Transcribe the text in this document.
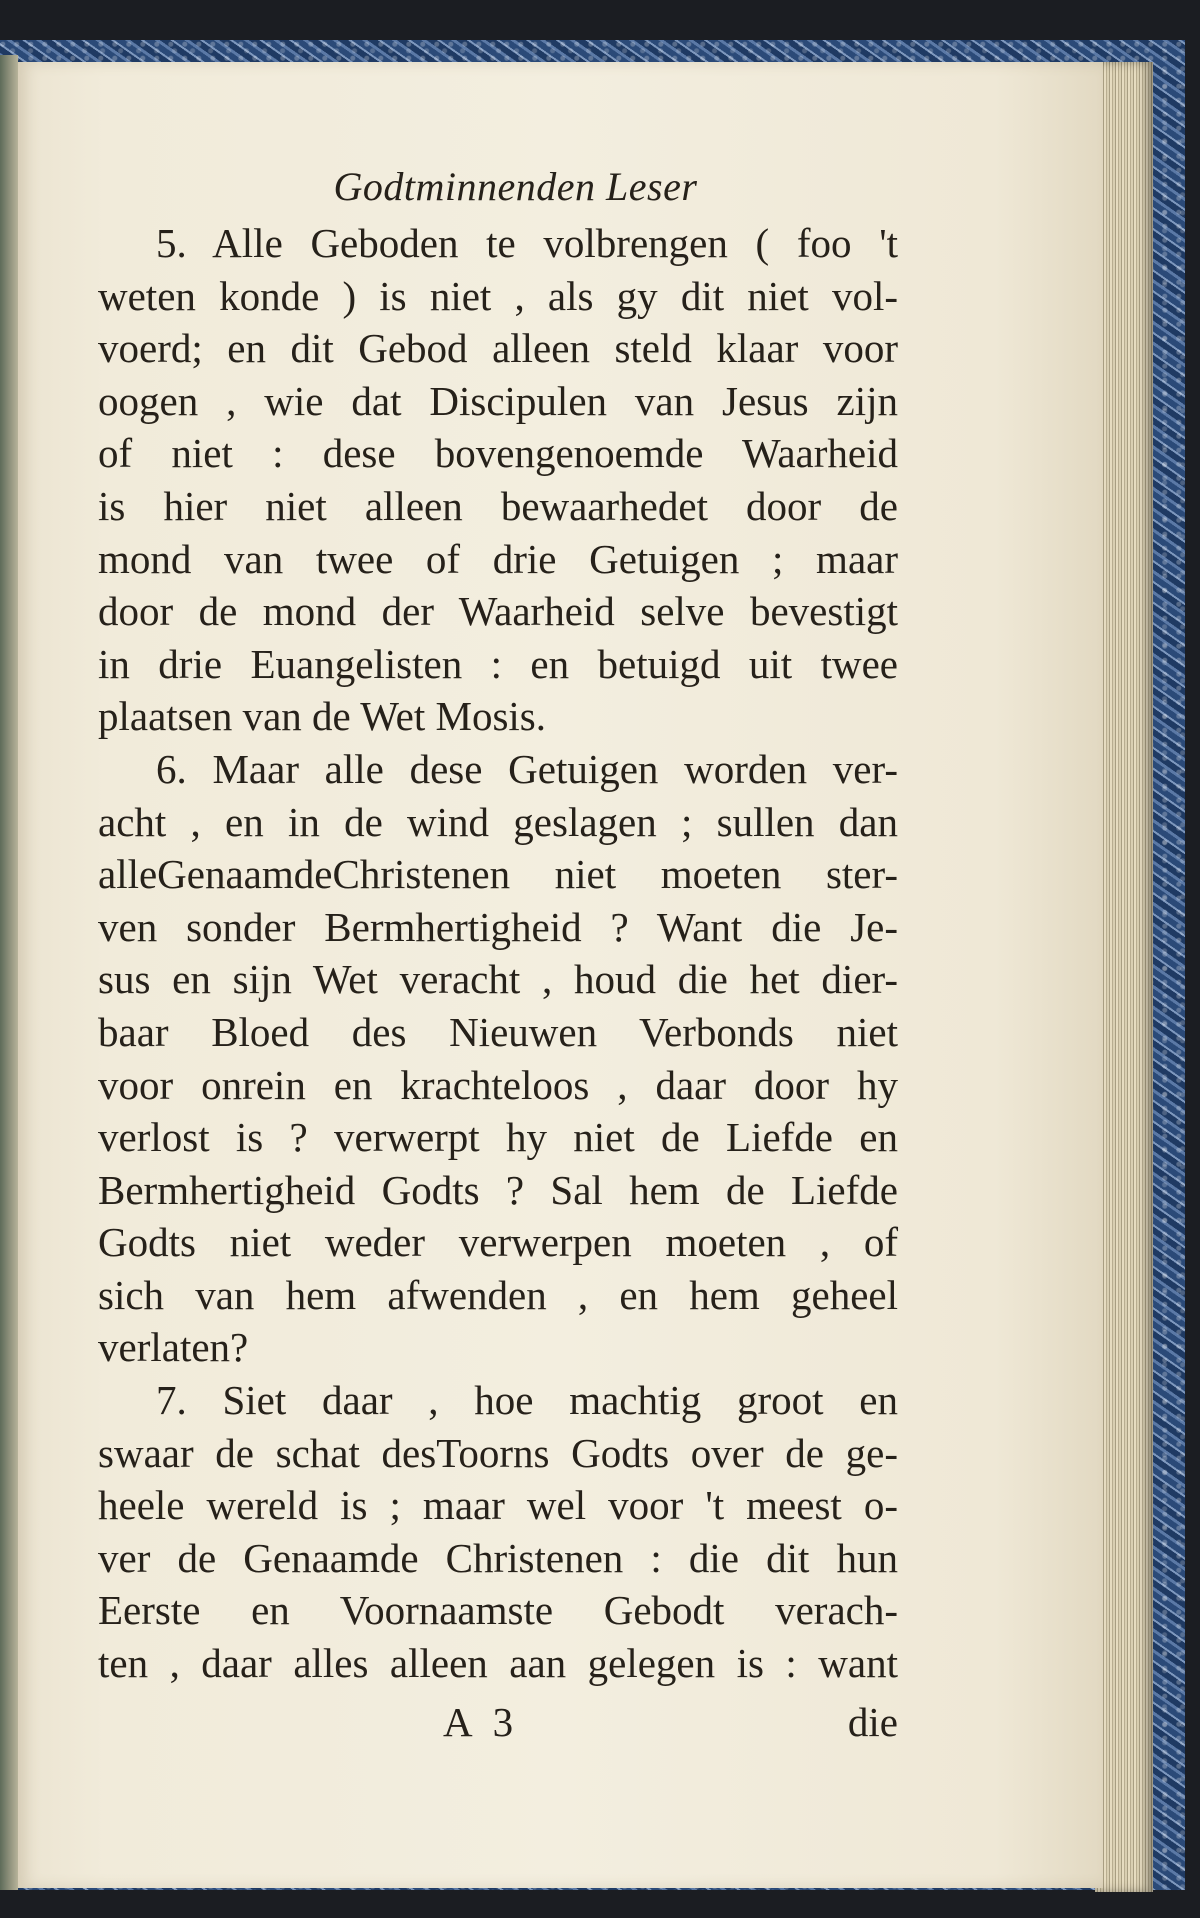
Godtminnenden Leser
5. Alle Geboden te volbrengen ( foo 't
weten konde ) is niet , als gy dit niet vol-
voerd; en dit Gebod alleen steld klaar voor
oogen , wie dat Discipulen van Jesus zijn
of niet : dese bovengenoemde Waarheid
is hier niet alleen bewaarhedet door de
mond van twee of drie Getuigen ; maar
door de mond der Waarheid selve bevestigt
in drie Euangelisten : en betuigd uit twee
plaatsen van de Wet Mosis.
6. Maar alle dese Getuigen worden ver-
acht , en in de wind geslagen ; sullen dan
alleGenaamdeChristenen niet moeten ster-
ven sonder Bermhertigheid ? Want die Je-
sus en sijn Wet veracht , houd die het dier-
baar Bloed des Nieuwen Verbonds niet
voor onrein en krachteloos , daar door hy
verlost is ? verwerpt hy niet de Liefde en
Bermhertigheid Godts ? Sal hem de Liefde
Godts niet weder verwerpen moeten , of
sich van hem afwenden , en hem geheel
verlaten?
7. Siet daar , hoe machtig groot en
swaar de schat desToorns Godts over de ge-
heele wereld is ; maar wel voor 't meest o-
ver de Genaamde Christenen : die dit hun
Eerste en Voornaamste Gebodt verach-
ten , daar alles alleen aan gelegen is : want
A 3	die
